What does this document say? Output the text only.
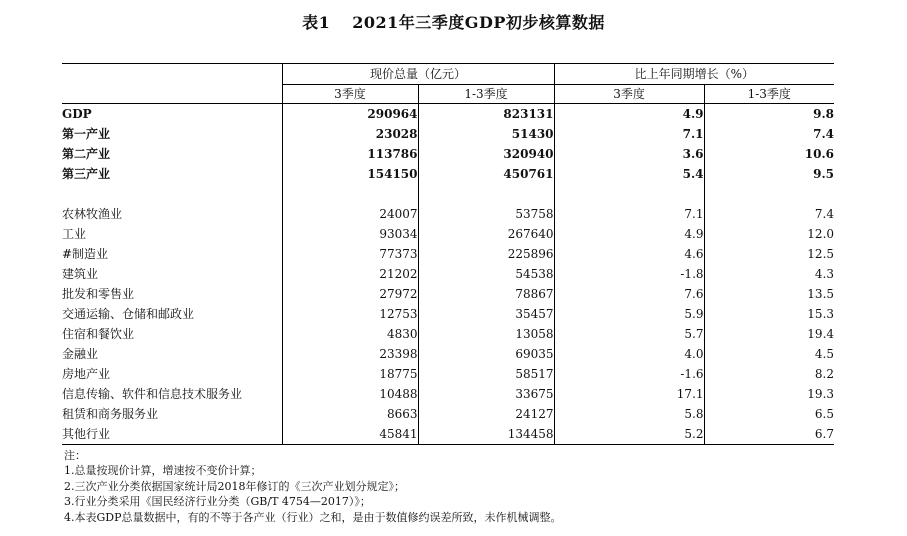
表1 2021年三季度GDP初步核算数据
	现价总量（亿元）		比上年同期增长（%）	
	3季度	1-3季度	3季度	1-3季度
GDP	290964	823131	4.9	9.8
第一产业	23028	51430	7.1	7.4
第二产业	113786	320940	3.6	10.6
第三产业	154150	450761	5.4	9.5

农林牧渔业	24007	53758	7.1	7.4
工业	93034	267640	4.9	12.0
#制造业	77373	225896	4.6	12.5
建筑业	21202	54538	-1.8	4.3
批发和零售业	27972	78867	7.6	13.5
交通运输、仓储和邮政业	12753	35457	5.9	15.3
住宿和餐饮业	4830	13058	5.7	19.4
金融业	23398	69035	4.0	4.5
房地产业	18775	58517	-1.6	8.2
信息传输、软件和信息技术服务业	10488	33675	17.1	19.3
租赁和商务服务业	8663	24127	5.8	6.5
其他行业	45841	134458	5.2	6.7
注：
1.总量按现价计算，增速按不变价计算；
2.三次产业分类依据国家统计局2018年修订的《三次产业划分规定》；
3.行业分类采用《国民经济行业分类（GB/T 4754—2017）》；
4.本表GDP总量数据中，有的不等于各产业（行业）之和，是由于数值修约误差所致，未作机械调整。
